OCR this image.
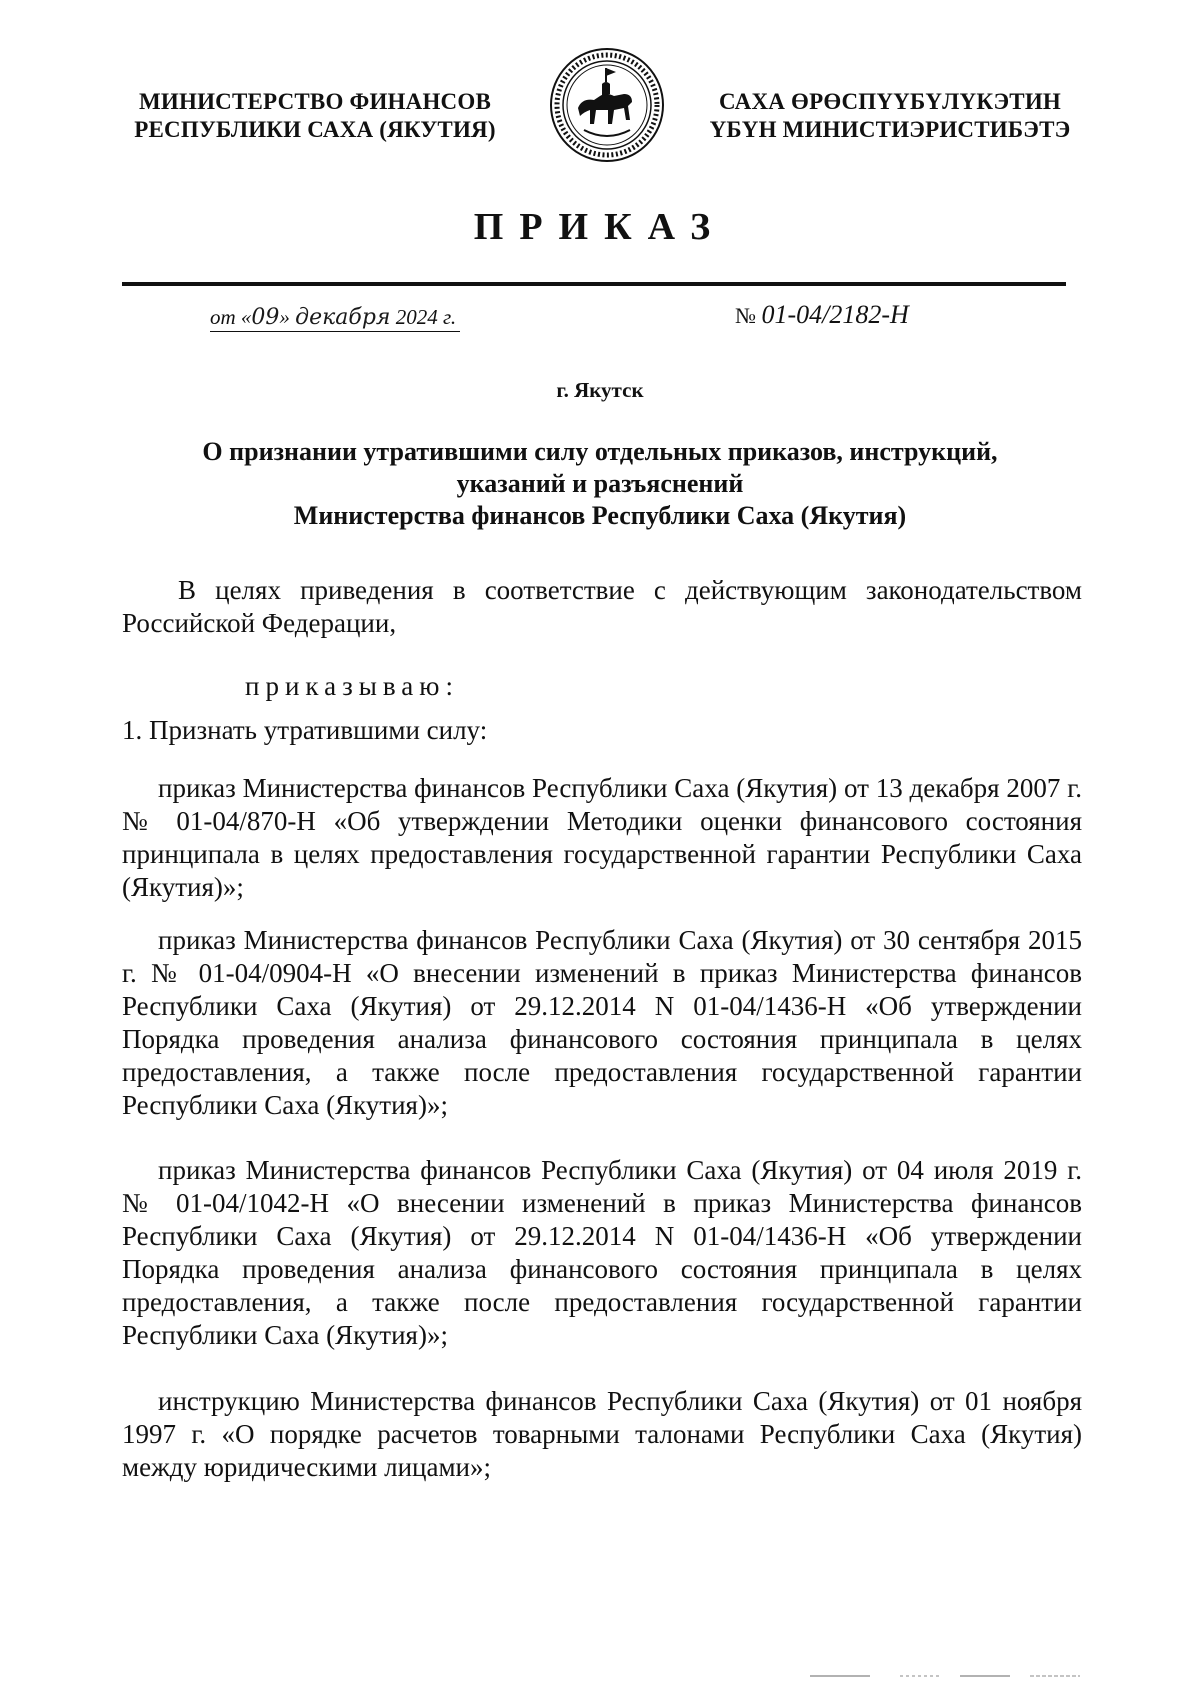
МИНИСТЕРСТВО ФИНАНСОВ
РЕСПУБЛИКИ САХА (ЯКУТИЯ)
САХА ӨРӨСПҮҮБҮЛҮКЭТИН
ҮБҮН МИНИСТИЭРИСТИБЭТЭ
ПРИКАЗ
от «09» декабря 2024 г.	№ 01-04/2182-Н
г. Якутск
О признании утратившими силу отдельных приказов, инструкций,
указаний и разъяснений
Министерства финансов Республики Саха (Якутия)
В целях приведения в соответствие с действующим законодательством Российской Федерации,
приказываю:
1. Признать утратившими силу:
приказ Министерства финансов Республики Саха (Якутия) от 13 декабря 2007 г. № 01-04/870-Н «Об утверждении Методики оценки финансового состояния принципала в целях предоставления государственной гарантии Республики Саха (Якутия)»;
приказ Министерства финансов Республики Саха (Якутия) от 30 сентября 2015 г. № 01-04/0904-Н «О внесении изменений в приказ Министерства финансов Республики Саха (Якутия) от 29.12.2014 N 01-04/1436-Н «Об утверждении Порядка проведения анализа финансового состояния принципала в целях предоставления, а также после предоставления государственной гарантии Республики Саха (Якутия)»;
приказ Министерства финансов Республики Саха (Якутия) от 04 июля 2019 г. № 01-04/1042-Н «О внесении изменений в приказ Министерства финансов Республики Саха (Якутия) от 29.12.2014 N 01-04/1436-Н «Об утверждении Порядка проведения анализа финансового состояния принципала в целях предоставления, а также после предоставления государственной гарантии Республики Саха (Якутия)»;
инструкцию Министерства финансов Республики Саха (Якутия) от 01 ноября 1997 г. «О порядке расчетов товарными талонами Республики Саха (Якутия) между юридическими лицами»;
